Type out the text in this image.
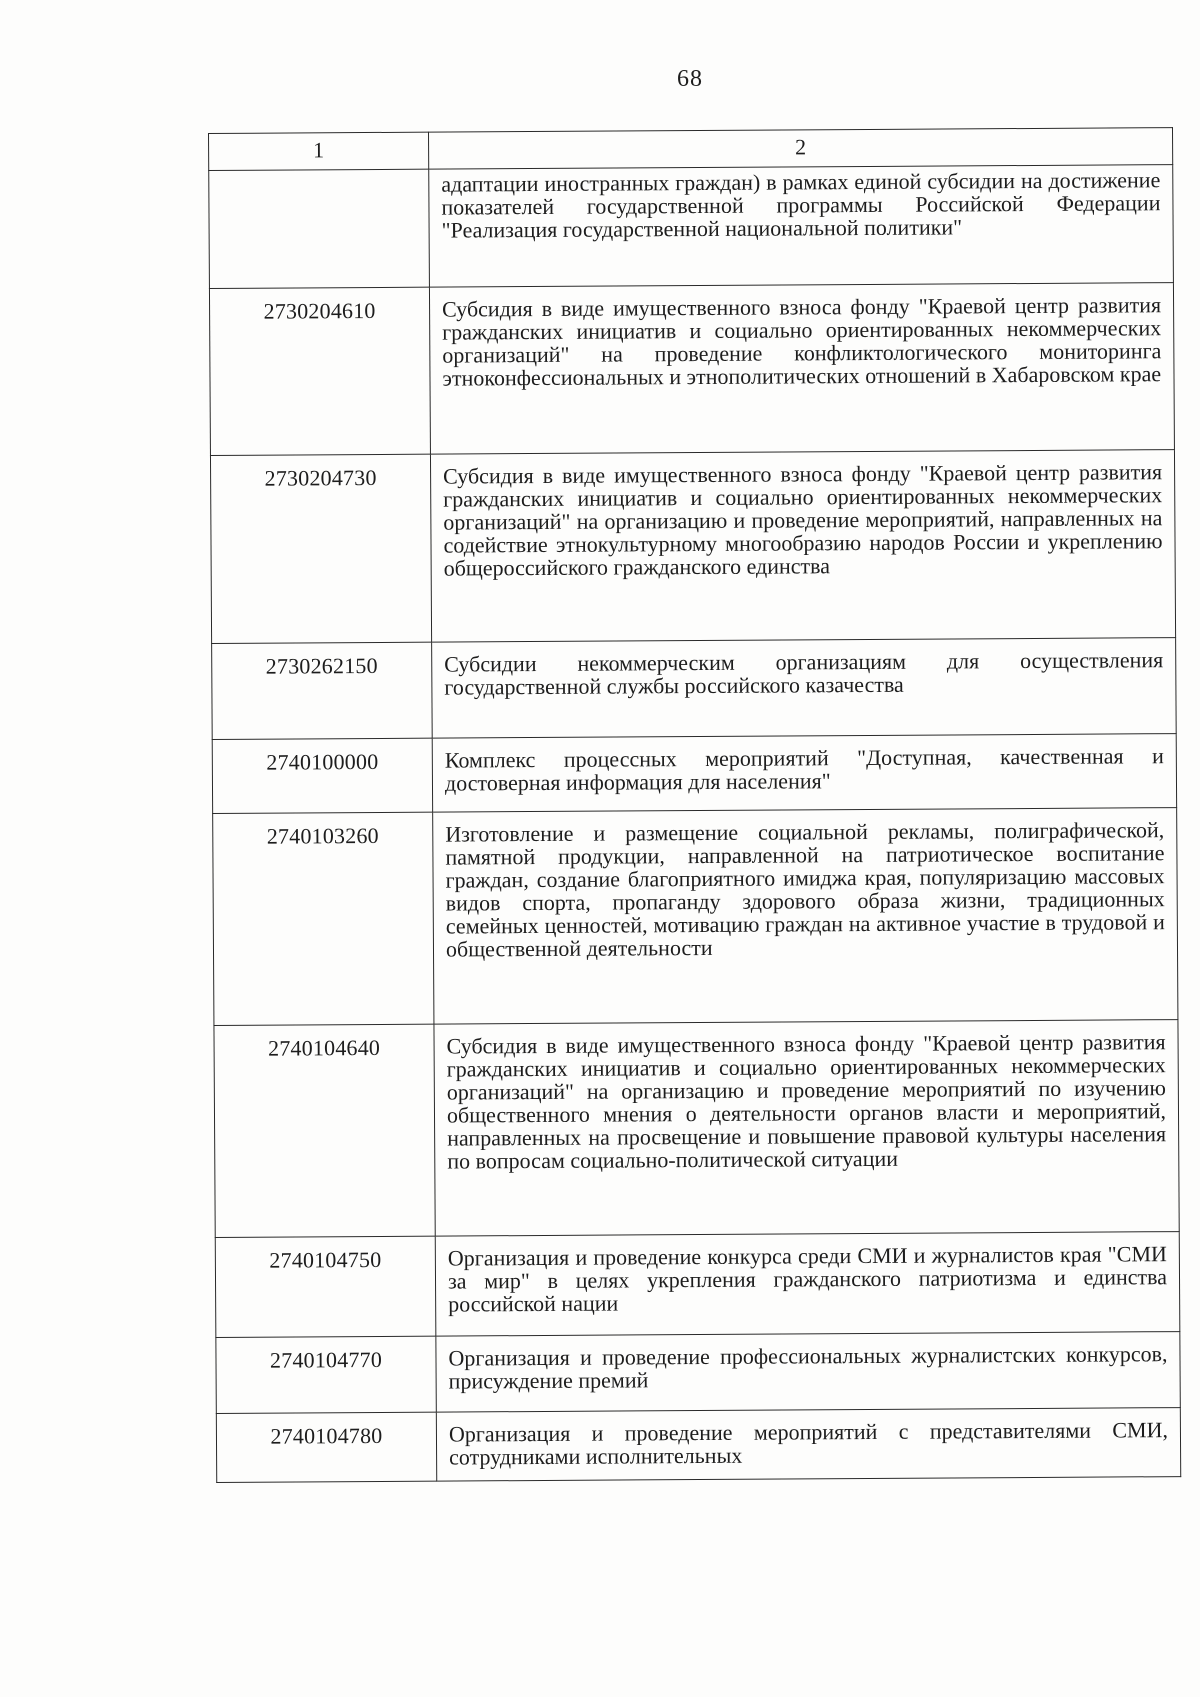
68
1	2
	адаптации иностранных граждан) в рамках единой субсидии на достижение показателей государственной программы Российской Федерации "Реализация государственной национальной политики"
2730204610	Субсидия в виде имущественного взноса фонду "Краевой центр развития гражданских инициатив и социально ориентированных некоммерческих организаций" на проведение конфликтологического мониторинга этноконфессиональных и этнополитических отношений в Хабаровском крае
2730204730	Субсидия в виде имущественного взноса фонду "Краевой центр развития гражданских инициатив и социально ориентированных некоммерческих организаций" на организацию и проведение мероприятий, направленных на содействие этнокультурному многообразию народов России и укреплению общероссийского гражданского единства
2730262150	Субсидии некоммерческим организациям для осуществления государственной службы российского казачества
2740100000	Комплекс процессных мероприятий "Доступная, качественная и достоверная информация для населения"
2740103260	Изготовление и размещение социальной рекламы, полиграфической, памятной продукции, направленной на патриотическое воспитание граждан, создание благоприятного имиджа края, популяризацию массовых видов спорта, пропаганду здорового образа жизни, традиционных семейных ценностей, мотивацию граждан на активное участие в трудовой и общественной деятельности
2740104640	Субсидия в виде имущественного взноса фонду "Краевой центр развития гражданских инициатив и социально ориентированных некоммерческих организаций" на организацию и проведение мероприятий по изучению общественного мнения о деятельности органов власти и мероприятий, направленных на просвещение и повышение правовой культуры населения по вопросам социально-политической ситуации
2740104750	Организация и проведение конкурса среди СМИ и журналистов края "СМИ за мир" в целях укрепления гражданского патриотизма и единства российской нации
2740104770	Организация и проведение профессиональных журналистских конкурсов, присуждение премий
2740104780	Организация и проведение мероприятий с представителями СМИ, сотрудниками исполнительных
